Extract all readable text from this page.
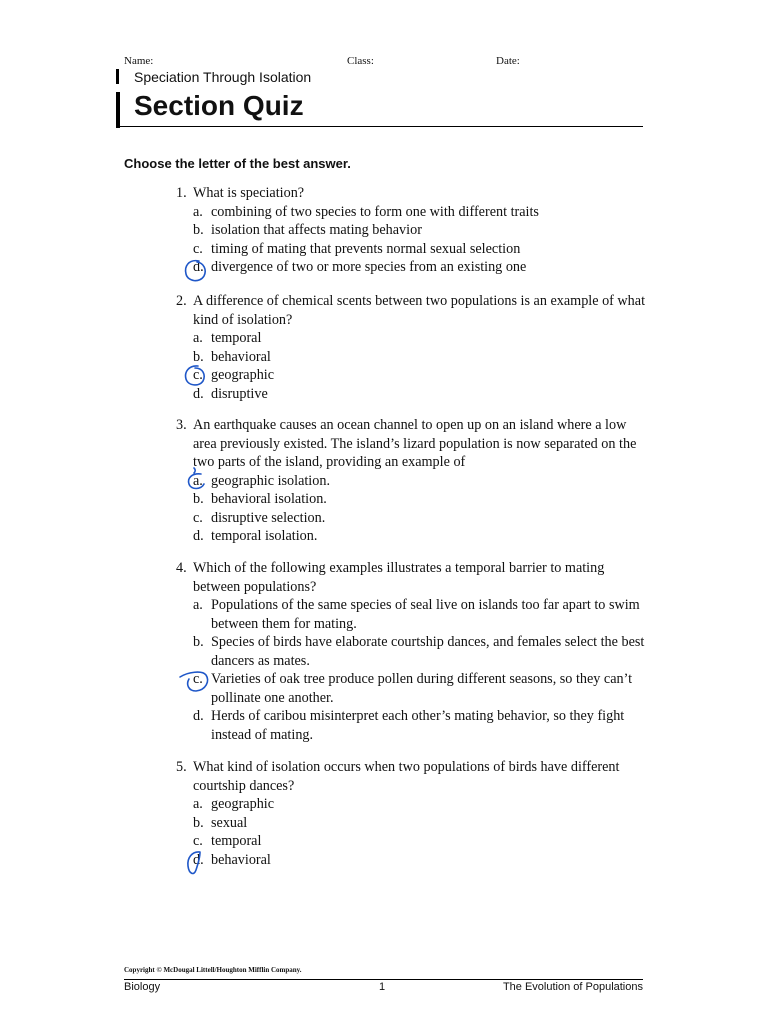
Name:	Class:	Date:
Speciation Through Isolation
Section Quiz
Choose the letter of the best answer.
1. What is speciation?
a. combining of two species to form one with different traits
b. isolation that affects mating behavior
c. timing of mating that prevents normal sexual selection
d. divergence of two or more species from an existing one
2. A difference of chemical scents between two populations is an example of what kind of isolation?
a. temporal
b. behavioral
c. geographic
d. disruptive
3. An earthquake causes an ocean channel to open up on an island where a low area previously existed. The island’s lizard population is now separated on the two parts of the island, providing an example of
a. geographic isolation.
b. behavioral isolation.
c. disruptive selection.
d. temporal isolation.
4. Which of the following examples illustrates a temporal barrier to mating between populations?
a. Populations of the same species of seal live on islands too far apart to swim between them for mating.
b. Species of birds have elaborate courtship dances, and females select the best dancers as mates.
c. Varieties of oak tree produce pollen during different seasons, so they can’t pollinate one another.
d. Herds of caribou misinterpret each other’s mating behavior, so they fight instead of mating.
5. What kind of isolation occurs when two populations of birds have different courtship dances?
a. geographic
b. sexual
c. temporal
d. behavioral
Copyright © McDougal Littell/Houghton Mifflin Company.
Biology	1	The Evolution of Populations
